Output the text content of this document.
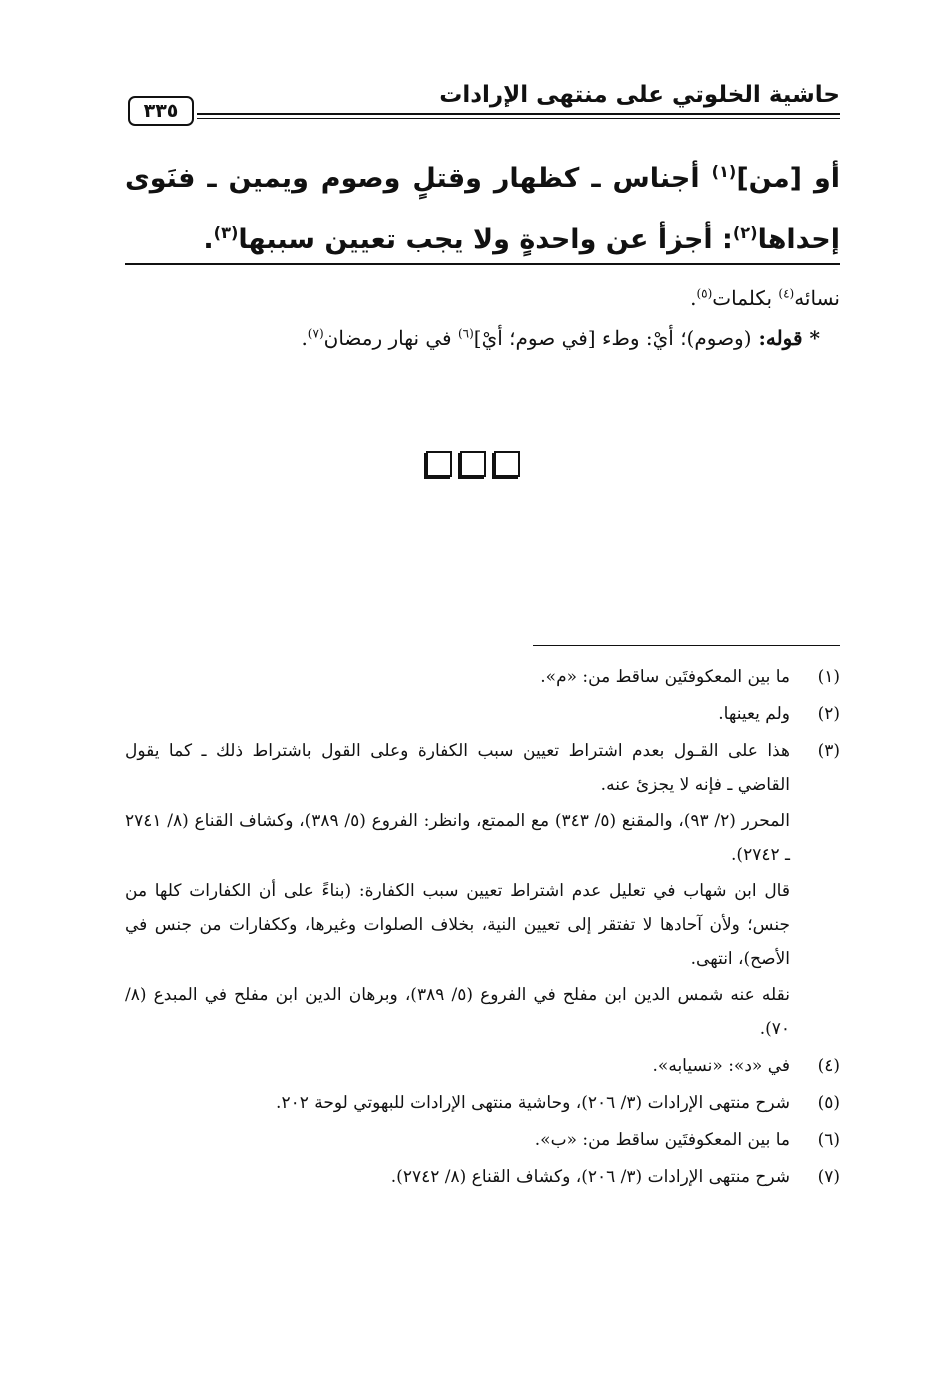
حاشية الخلوتي على منتهى الإرادات
٣٣٥
أو [من]$^{(١)}$ أجناس ـ كظهار وقتلٍ وصوم ويمين ـ فنَوى إحداها$^{(٢)}$: أجزأ عن واحدةٍ ولا يجب تعيين سببها$^{(٣)}$.

نسائه$^{(٤)}$ بكلمات$^{(٥)}$.

* قوله: (وصوم)؛ أيْ: وطء [في صوم؛ أيْ]$^{(٦)}$ في نهار رمضان$^{(٧)}$.

(١)

ما بين المعكوفتَين ساقط من: «م».

(٢)

ولم يعينها.

(٣)

هذا على القـول بعدم اشتراط تعيين سبب الكفارة وعلى القول باشتراط ذلك ـ كما يقول القاضي ـ فإنه لا يجزئ عنه.

المحرر (٢/ ٩٣)، والمقنع (٥/ ٣٤٣) مع الممتع، وانظر: الفروع (٥/ ٣٨٩)، وكشاف القناع (٨/ ٢٧٤١ ـ ٢٧٤٢).

قال ابن شهاب في تعليل عدم اشتراط تعيين سبب الكفارة: (بناءً على أن الكفارات كلها من جنس؛ ولأن آحادها لا تفتقر إلى تعيين النية، بخلاف الصلوات وغيرها، وككفارات من جنس في الأصح)، انتهى.

نقله عنه شمس الدين ابن مفلح في الفروع (٥/ ٣٨٩)، وبرهان الدين ابن مفلح في المبدع (٨/ ٧٠).

(٤)

في «د»: «نسيابه».

(٥)

شرح منتهى الإرادات (٣/ ٢٠٦)، وحاشية منتهى الإرادات للبهوتي لوحة ٢٠٢.

(٦)

ما بين المعكوفتَين ساقط من: «ب».

(٧)

شرح منتهى الإرادات (٣/ ٢٠٦)، وكشاف القناع (٨/ ٢٧٤٢).
